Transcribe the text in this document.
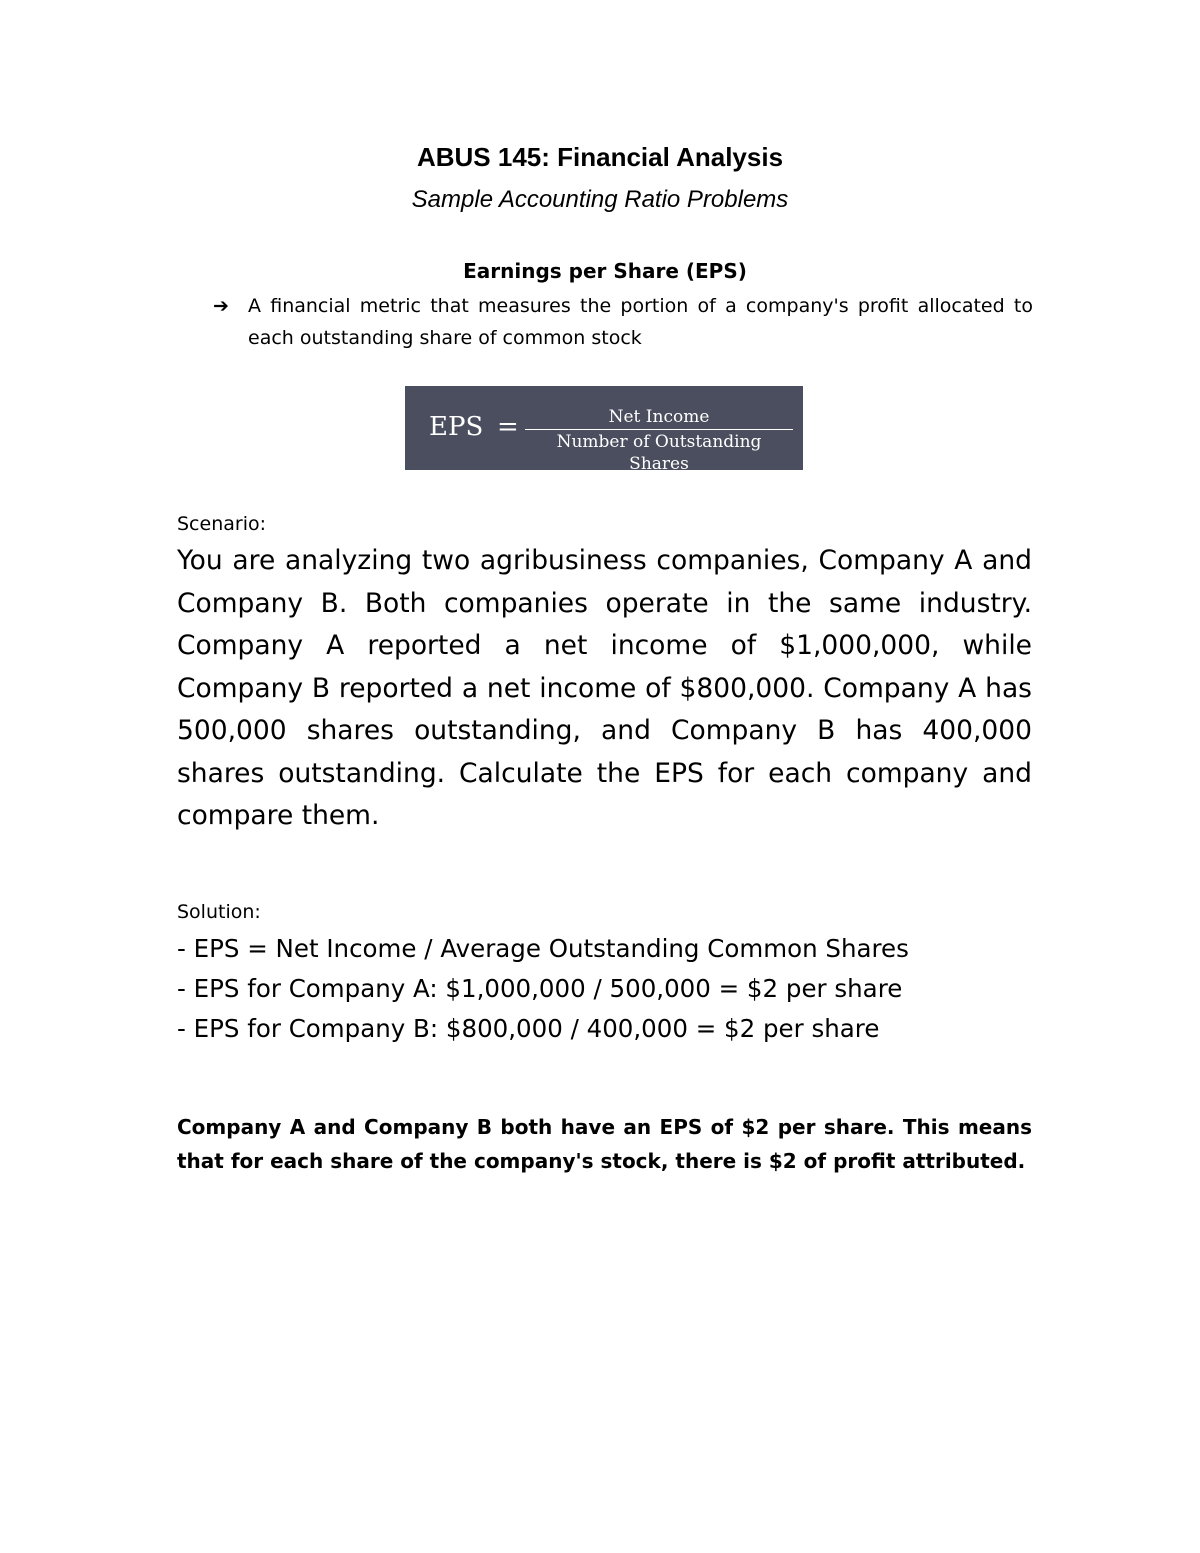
ABUS 145: Financial Analysis
Sample Accounting Ratio Problems
Earnings per Share (EPS)
➔	A financial metric that measures the portion of a company's profit allocated to each outstanding share of common stock
EPS =	Net Income
Number of Outstanding Shares
Scenario:
You are analyzing two agribusiness companies, Company A and Company B. Both companies operate in the same industry. Company A reported a net income of $1,000,000, while Company B reported a net income of $800,000. Company A has 500,000 shares outstanding, and Company B has 400,000 shares outstanding. Calculate the EPS for each company and compare them.
Solution:
- EPS = Net Income / Average Outstanding Common Shares
- EPS for Company A: $1,000,000 / 500,000 = $2 per share
- EPS for Company B: $800,000 / 400,000 = $2 per share
Company A and Company B both have an EPS of $2 per share. This means that for each share of the company's stock, there is $2 of profit attributed.
